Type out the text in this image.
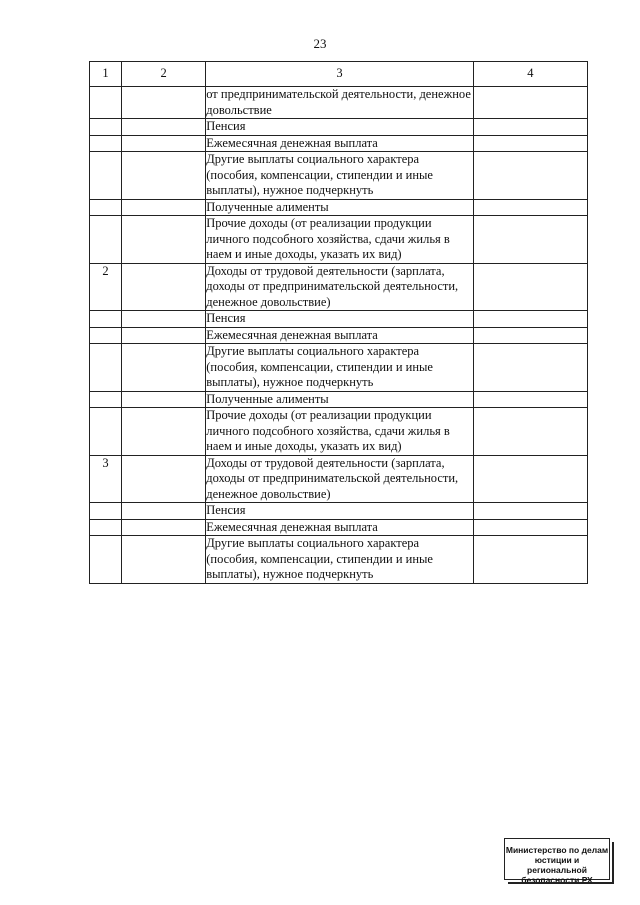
23
1	2	3	4
		от предпринимательской деятельности, денежное довольствие	
		Пенсия	
		Ежемесячная денежная выплата	
		Другие выплаты социального характера (пособия, компенсации, стипендии и иные выплаты), нужное подчеркнуть	
		Полученные алименты	
		Прочие доходы (от реализации продукции личного подсобного хозяйства, сдачи жилья в наем и иные доходы, указать их вид)	
2		Доходы от трудовой деятельности (зарплата, доходы от предпринимательской деятельности, денежное довольствие)	
		Пенсия	
		Ежемесячная денежная выплата	
		Другие выплаты социального характера (пособия, компенсации, стипендии и иные выплаты), нужное подчеркнуть	
		Полученные алименты	
		Прочие доходы (от реализации продукции личного подсобного хозяйства, сдачи жилья в наем и иные доходы, указать их вид)	
3		Доходы от трудовой деятельности (зарплата, доходы от предпринимательской деятельности, денежное довольствие)	
		Пенсия	
		Ежемесячная денежная выплата	
		Другие выплаты социального характера (пособия, компенсации, стипендии и иные выплаты), нужное подчеркнуть	
Министерство по делам
юстиции и региональной
безопасности РХ
